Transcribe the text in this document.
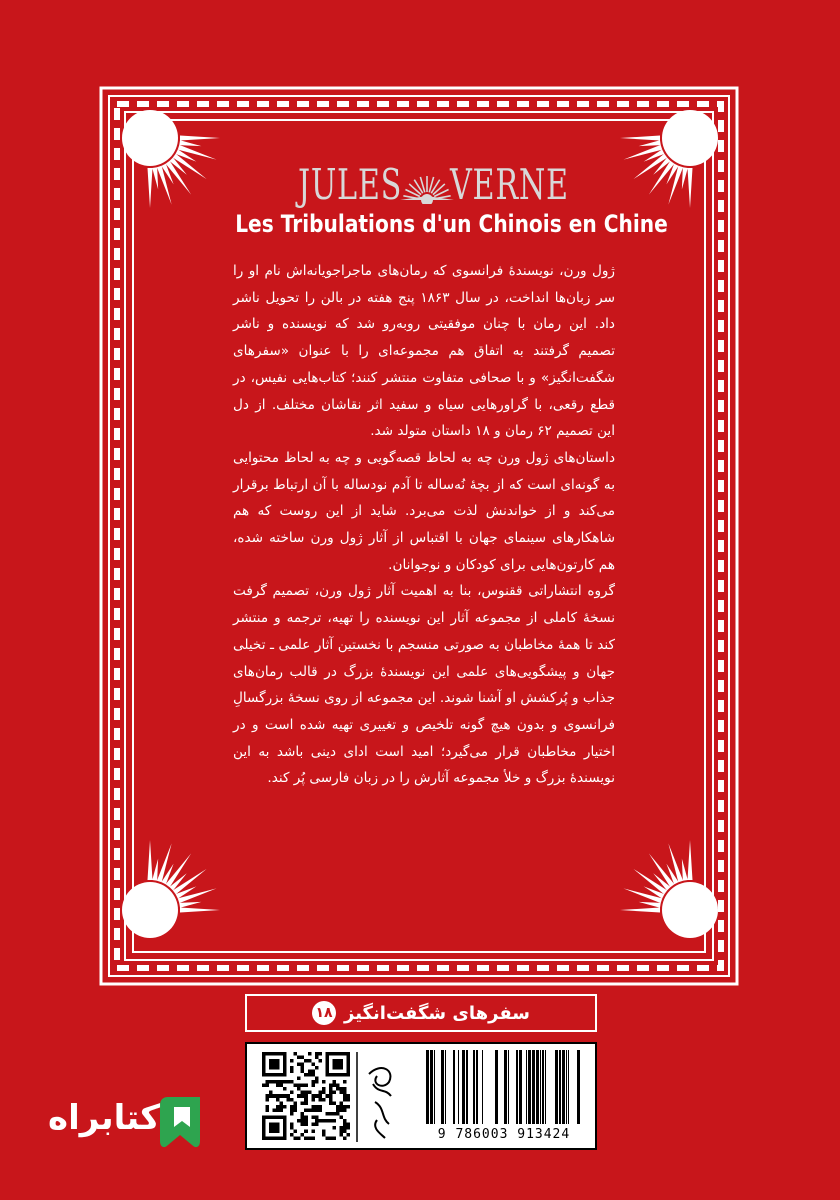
JULES VERNE
Les Tribulations d'un Chinois en Chine

ژول ورن، نویسندهٔ فرانسوی که رمان‌های ماجراجویانه‌اش نام او را سر زبان‌ها انداخت، در سال ۱۸۶۳ پنج هفته در بالن را تحویل ناشر داد. این رمان با چنان موفقیتی روبه‌رو شد که نویسنده و ناشر تصمیم گرفتند به اتفاق هم مجموعه‌ای را با عنوان «سفرهای شگفت‌انگیز» و با صحافی متفاوت منتشر کنند؛ کتاب‌هایی نفیس، در قطع رقعی، با گراورهایی سیاه و سفید اثر نقاشان مختلف. از دل این تصمیم ۶۲ رمان و ۱۸ داستان متولد شد.

داستان‌های ژول ورن چه به لحاظ قصه‌گویی و چه به لحاظ محتوایی به گونه‌ای است که از بچهٔ نُه‌ساله تا آدم نودساله با آن ارتباط برقرار می‌کند و از خواندنش لذت می‌برد. شاید از این روست که هم شاهکارهای سینمای جهان با اقتباس از آثار ژول ورن ساخته شده، هم کارتون‌هایی برای کودکان و نوجوانان.

گروه انتشاراتی ققنوس، بنا به اهمیت آثار ژول ورن، تصمیم گرفت نسخهٔ کاملی از مجموعه آثار این نویسنده را تهیه، ترجمه و منتشر کند تا همهٔ مخاطبان به صورتی منسجم با نخستین آثار علمی ـ تخیلی جهان و پیشگویی‌های علمی این نویسندهٔ بزرگ در قالب رمان‌های جذاب و پُرکشش او آشنا شوند. این مجموعه از روی نسخهٔ بزرگسالِ فرانسوی و بدون هیچ گونه تلخیص و تغییری تهیه شده است و در اختیار مخاطبان قرار می‌گیرد؛ امید است ادای دینی باشد به این نویسندهٔ بزرگ و خلأ مجموعه آثارش را در زبان فارسی پُر کند.

سفرهای شگفت‌انگیز
۱۸
9 786003 913424
کتابراه
